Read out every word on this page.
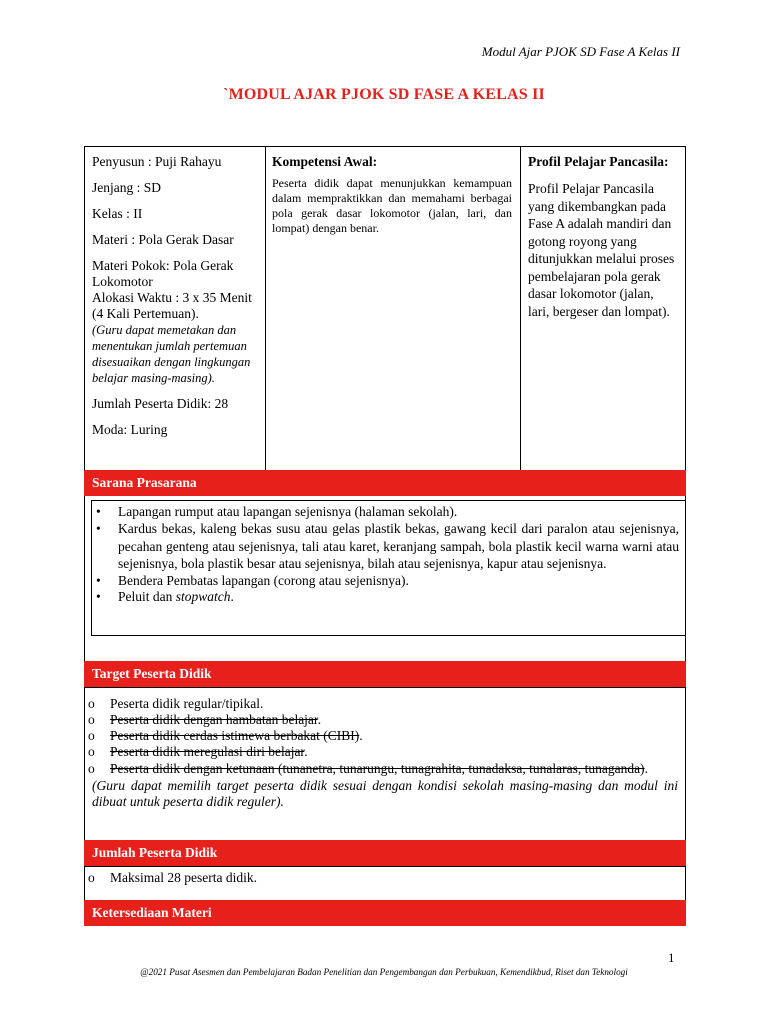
Modul Ajar PJOK SD Fase A Kelas II
`MODUL AJAR PJOK SD FASE A KELAS II

Penyusun : Puji Rahayu

Jenjang : SD

Kelas : II

Materi : Pola Gerak Dasar

Materi Pokok: Pola Gerak Lokomotor

Alokasi Waktu : 3 x 35 Menit (4 Kali Pertemuan).

(Guru dapat memetakan dan menentukan jumlah pertemuan disesuaikan dengan lingkungan belajar masing-masing).

Jumlah Peserta Didik: 28

Moda: Luring

Kompetensi Awal:

Peserta didik dapat menunjukkan kemampuan dalam mempraktikkan dan memahami berbagai pola gerak dasar lokomotor (jalan, lari, dan lompat) dengan benar.

Profil Pelajar Pancasila:

Profil Pelajar Pancasila yang dikembangkan pada Fase A adalah mandiri dan gotong royong yang ditunjukkan melalui proses pembelajaran pola gerak dasar lokomotor (jalan, lari, bergeser dan lompat).

Sarana Prasarana
• Lapangan rumput atau lapangan sejenisnya (halaman sekolah).
• Kardus bekas, kaleng bekas susu atau gelas plastik bekas, gawang kecil dari paralon atau sejenisnya, pecahan genteng atau sejenisnya, tali atau karet, keranjang sampah, bola plastik kecil warna warni atau sejenisnya, bola plastik besar atau sejenisnya, bilah atau sejenisnya, kapur atau sejenisnya.
• Bendera Pembatas lapangan (corong atau sejenisnya).
• Peluit dan stopwatch.
Target Peserta Didik
o Peserta didik regular/tipikal.
o Peserta didik dengan hambatan belajar.
o Peserta didik cerdas istimewa berbakat (CIBI).
o Peserta didik meregulasi diri belajar.
o Peserta didik dengan ketunaan (tunanetra, tunarungu, tunagrahita, tunadaksa, tunalaras, tunaganda).

(Guru dapat memilih target peserta didik sesuai dengan kondisi sekolah masing-masing dan modul ini dibuat untuk peserta didik reguler).

Jumlah Peserta Didik
o Maksimal 28 peserta didik.
Ketersediaan Materi
1
@2021 Pusat Asesmen dan Pembelajaran Badan Penelitian dan Pengembangan dan Perbukuan, Kemendikbud, Riset dan Teknologi
